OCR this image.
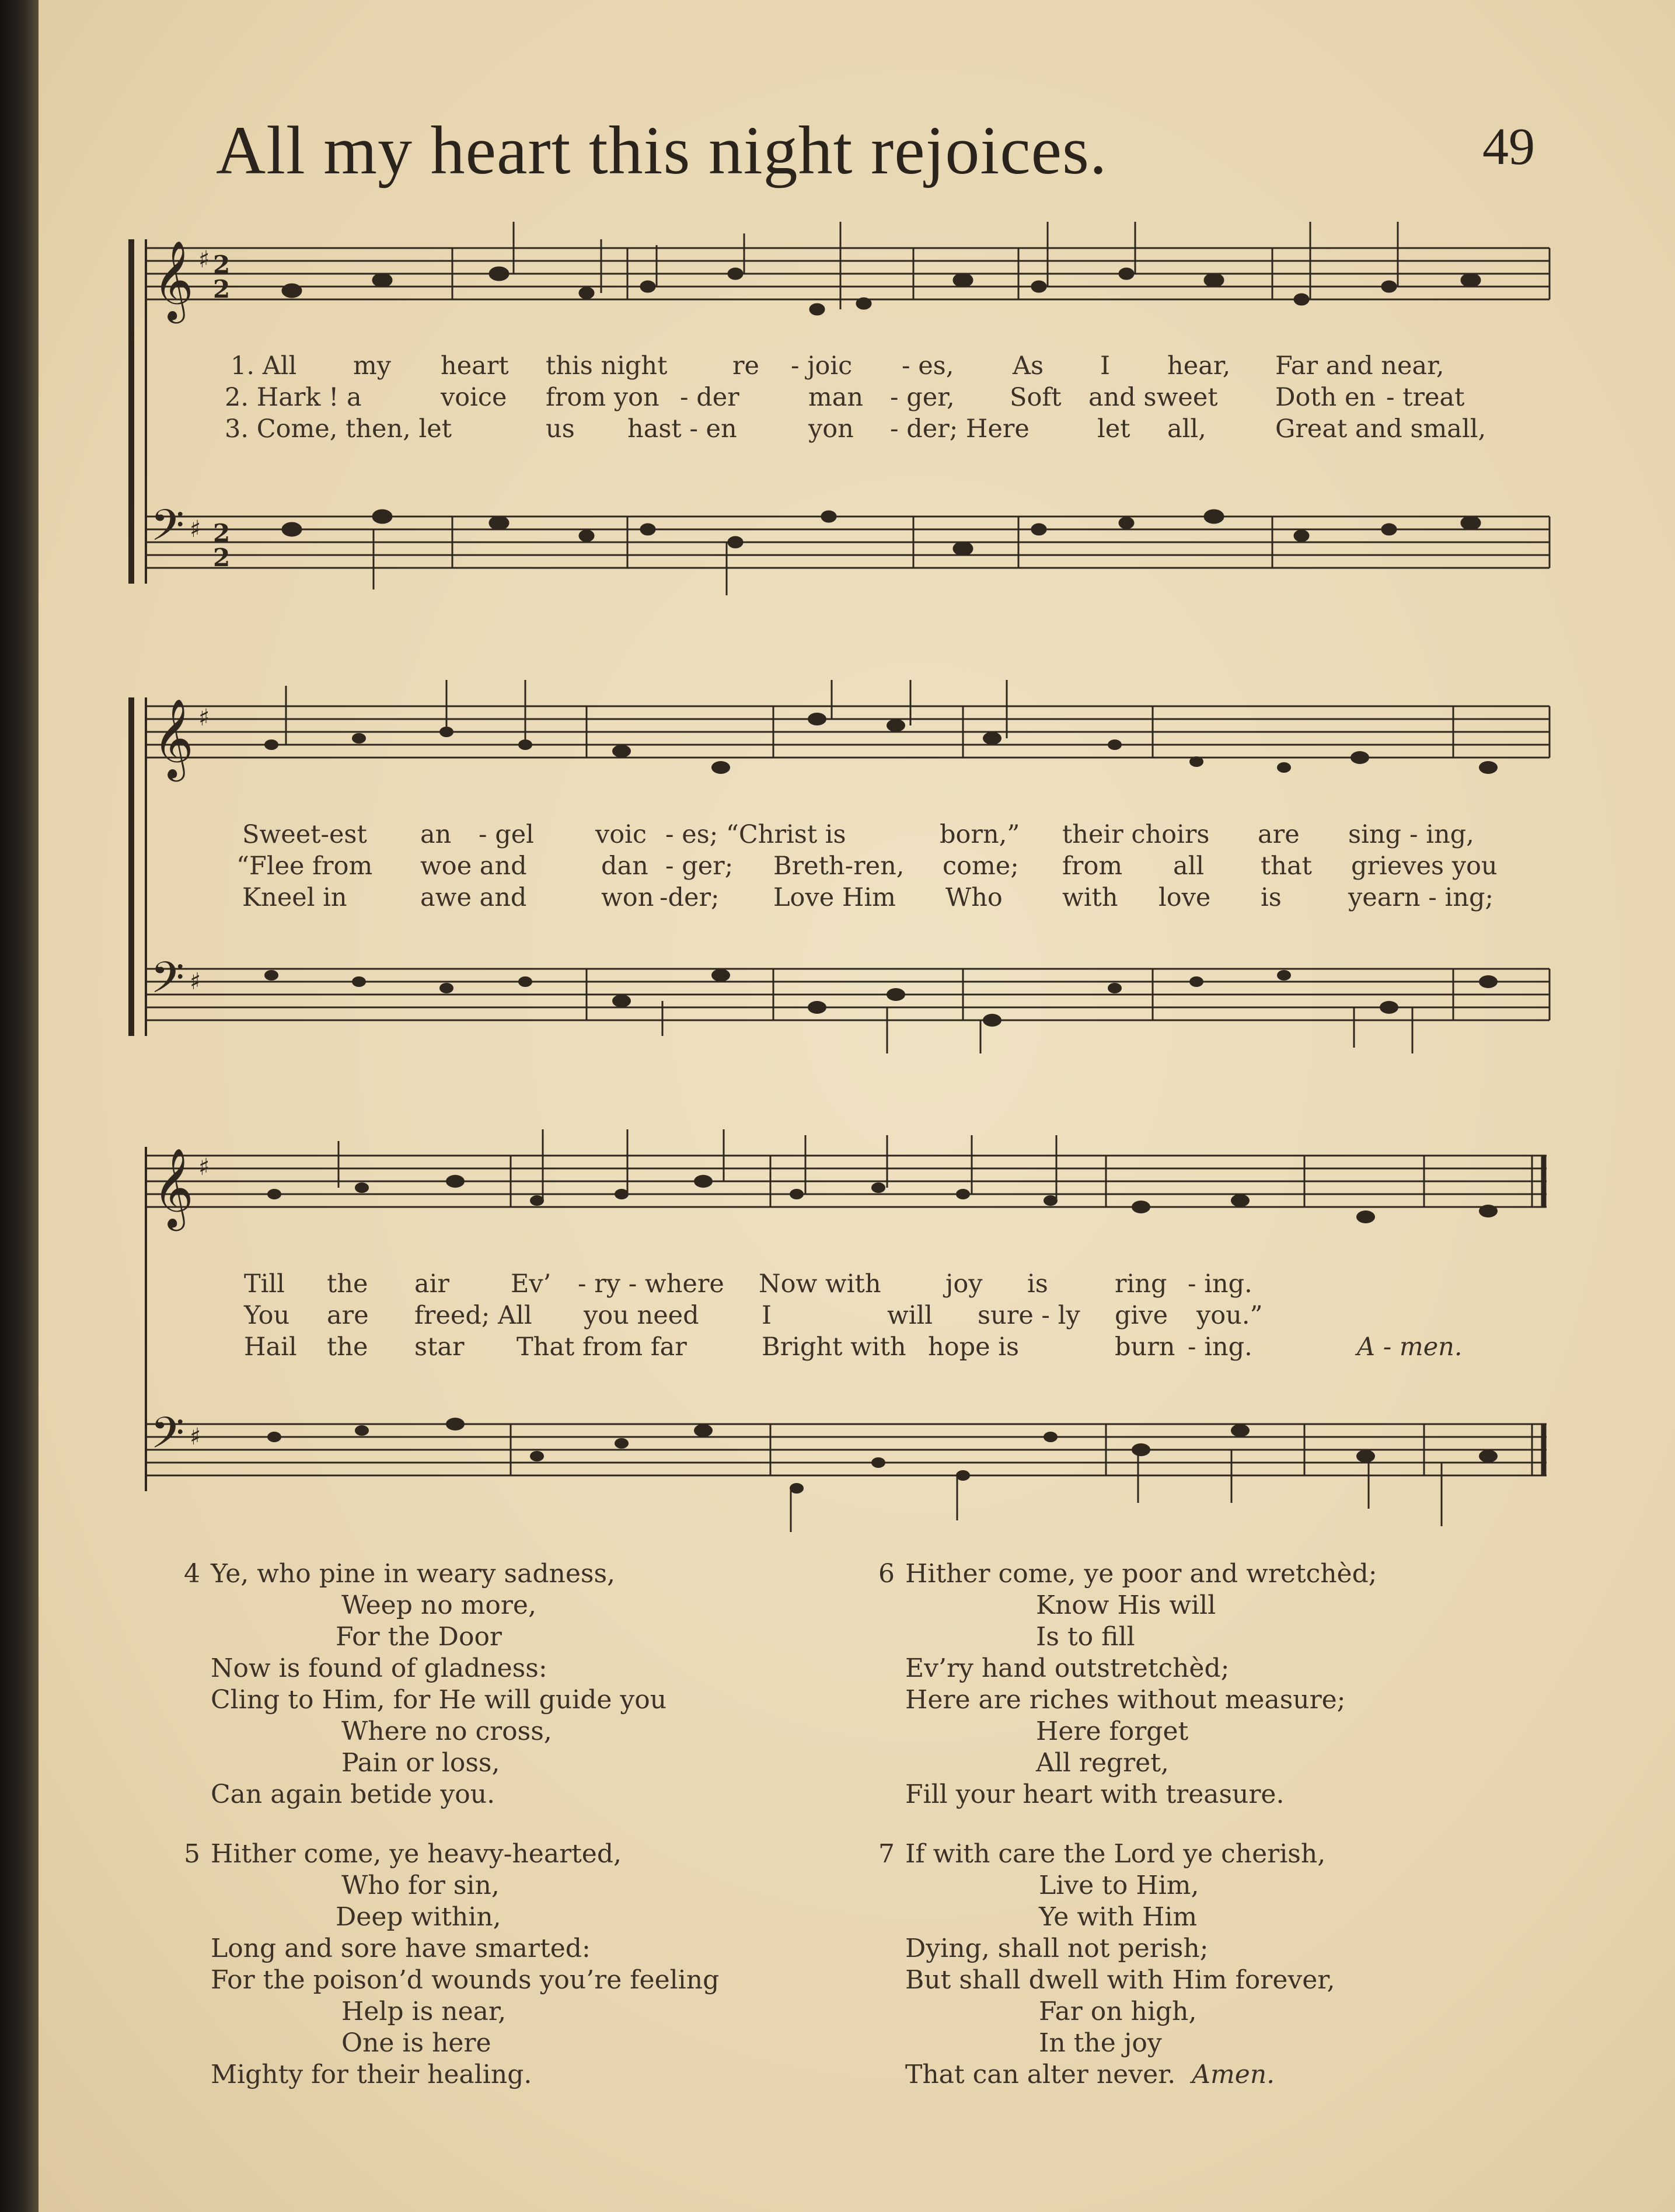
All my heart this night rejoices.	49
𝄞 ♯ 2
2
𝄢 ♯ 2
2
1. All my heart this night	re - joic - es, As I hear, Far and near,
2. Hark ! a	voice from yon - der	man - ger, Soft and sweet Doth en - treat
3. Come, then, let	us hast - en	yon - der; Here	let all,	Great and small,
𝄞 ♯
𝄢 ♯
Sweet-est an - gel voic - es; “Christ is	born,” their choirs are sing - ing,
“Flee from woe and	dan - ger; Breth-ren, come; from all that grieves you
Kneel in	awe and	won -der; Love Him Who with love is	yearn - ing;
𝄞 ♯
𝄢 ♯
Till the air Ev’ - ry - where Now with	joy is	ring - ing.
You are freed; All you need I	will sure - ly give you.”
Hail the star That from far	Bright with hope is	burn - ing.	A - men.
4 Ye, who pine in weary sadness,
Weep no more,
For the Door
Now is found of gladness:
Cling to Him, for He will guide you
Where no cross,
Pain or loss,
Can again betide you.
5 Hither come, ye heavy-hearted,
Who for sin,
Deep within,
Long and sore have smarted:
For the poison’d wounds you’re feeling
Help is near,
One is here
Mighty for their healing.
6 Hither come, ye poor and wretchèd;
Know His will
Is to fill
Ev’ry hand outstretchèd;
Here are riches without measure;
Here forget
All regret,
Fill your heart with treasure.
7 If with care the Lord ye cherish,
Live to Him,
Ye with Him
Dying, shall not perish;
But shall dwell with Him forever,
Far on high,
In the joy
That can alter never. Amen.
